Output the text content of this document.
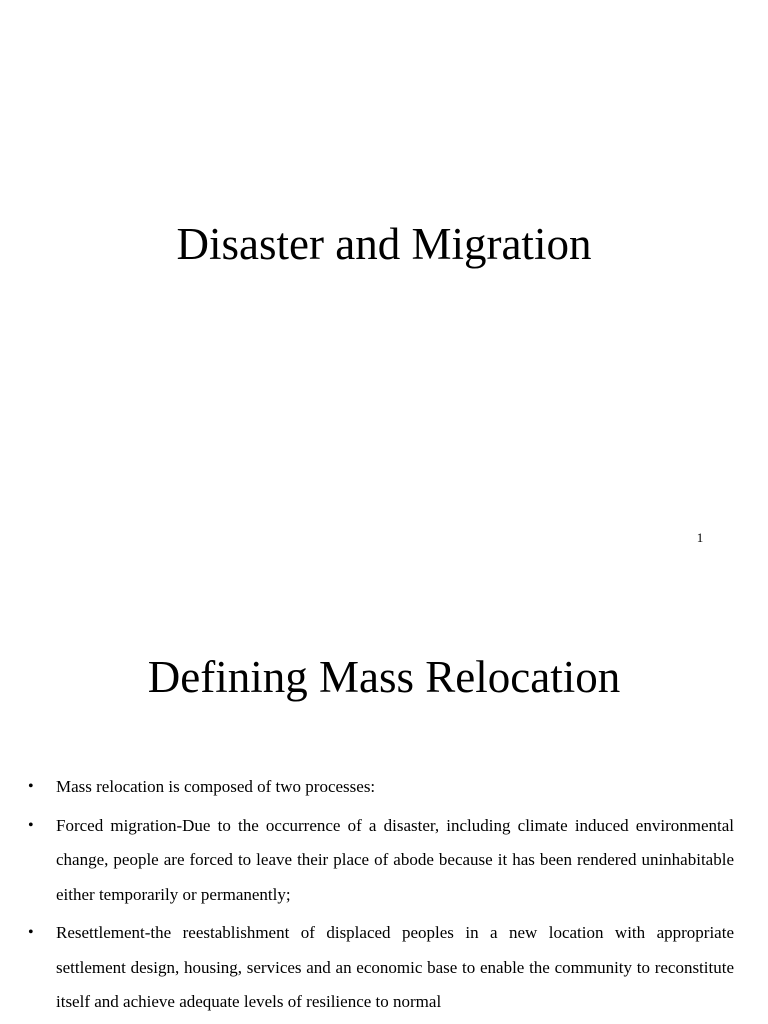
Disaster and Migration
1
Defining Mass Relocation
• Mass relocation is composed of two processes:
• Forced migration-Due to the occurrence of a disaster, including climate induced environmental change, people are forced to leave their place of abode because it has been rendered uninhabitable either temporarily or permanently;
• Resettlement-the reestablishment of displaced peoples in a new location with appropriate settlement design, housing, services and an economic base to enable the community to reconstitute itself and achieve adequate levels of resilience to normal
